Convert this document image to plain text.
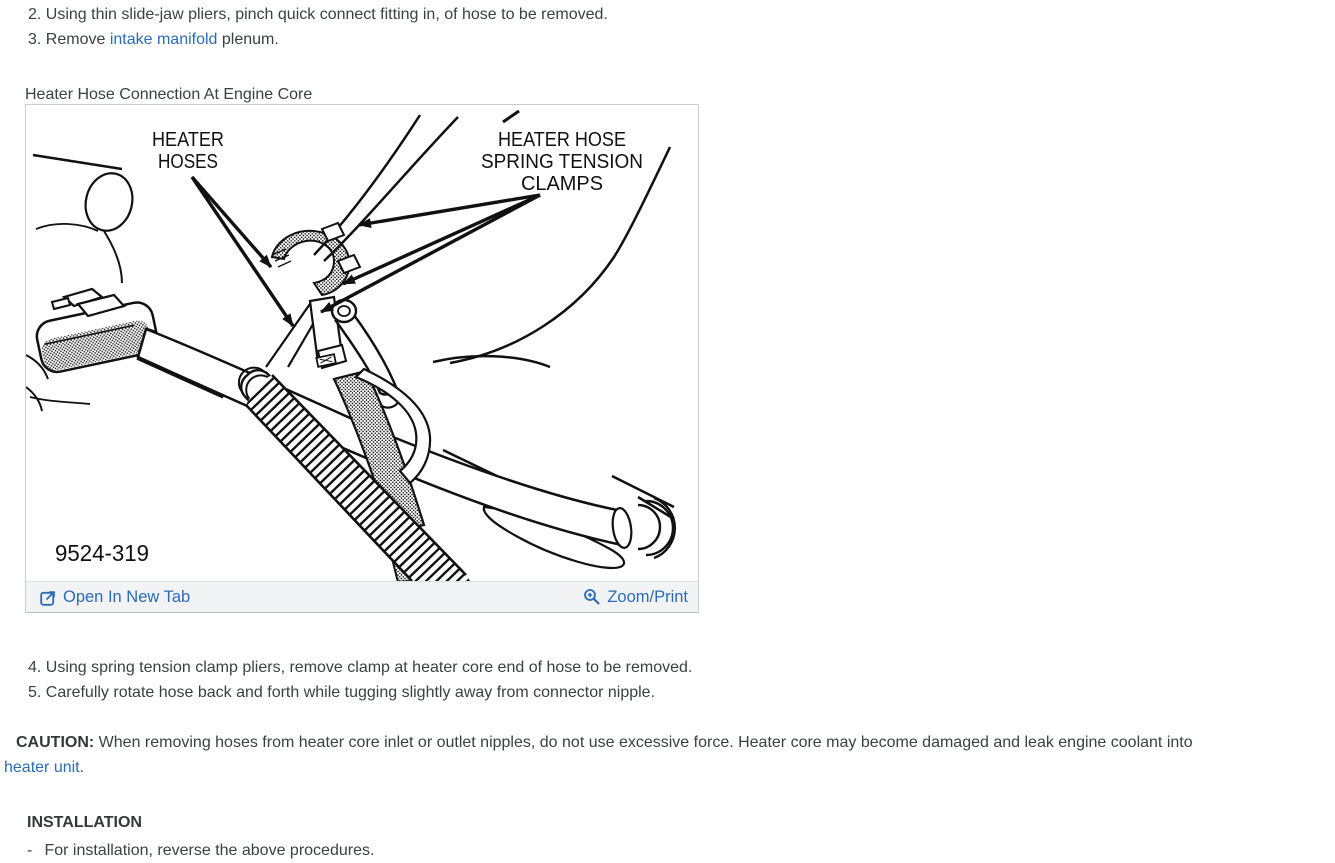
2. Using thin slide-jaw pliers, pinch quick connect fitting in, of hose to be removed.
3. Remove intake manifold plenum.
Heater Hose Connection At Engine Core
HEATER
HOSES
HEATER HOSE
SPRING TENSION
CLAMPS
9524-319
Open In New Tab	Zoom/Print
4. Using spring tension clamp pliers, remove clamp at heater core end of hose to be removed.
5. Carefully rotate hose back and forth while tugging slightly away from connector nipple.

CAUTION: When removing hoses from heater core inlet or outlet nipples, do not use excessive force. Heater core may become damaged and leak engine coolant into heater unit.

INSTALLATION
- For installation, reverse the above procedures.
